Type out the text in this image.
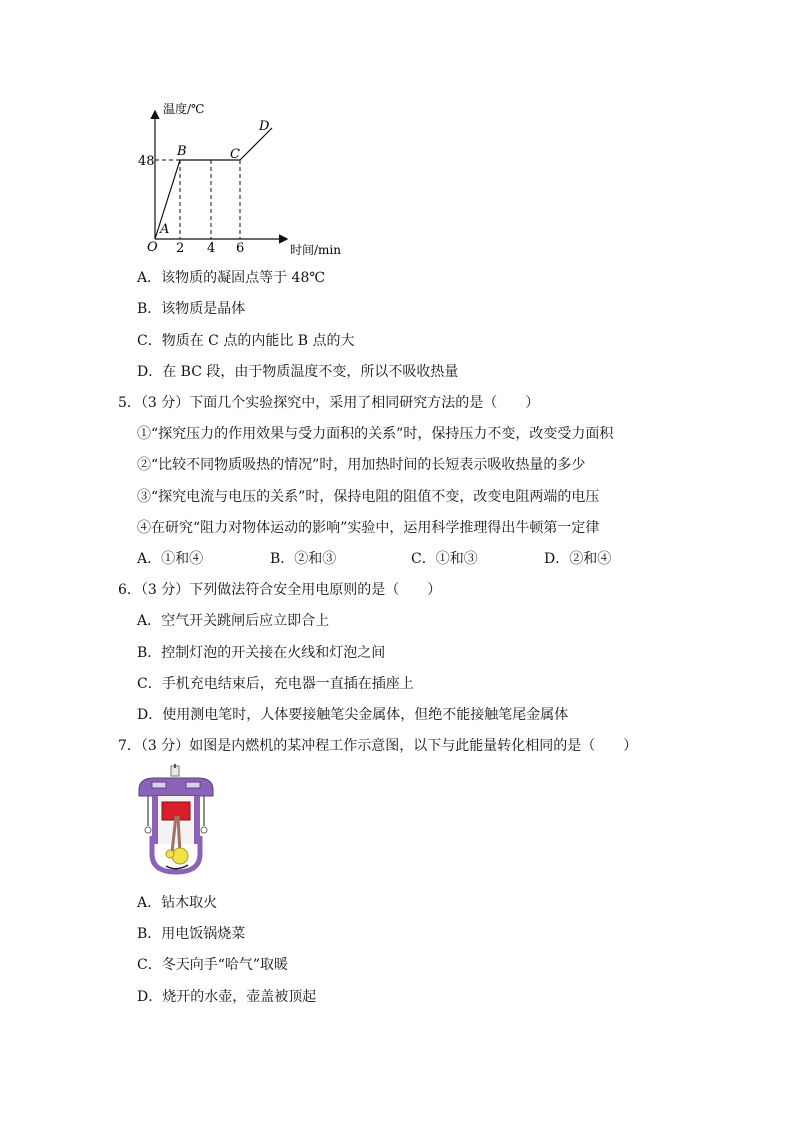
温度/℃
时间/min
48
O 2 4 6
A
B	C
D
A．该物质的凝固点等于 48℃
B．该物质是晶体
C．物质在 C 点的内能比 B 点的大
D．在 BC 段，由于物质温度不变，所以不吸收热量
5．（3 分）下面几个实验探究中，采用了相同研究方法的是（　　）
①“探究压力的作用效果与受力面积的关系”时，保持压力不变，改变受力面积
②“比较不同物质吸热的情况”时，用加热时间的长短表示吸收热量的多少
③“探究电流与电压的关系”时，保持电阻的阻值不变，改变电阻两端的电压
④在研究“阻力对物体运动的影响”实验中，运用科学推理得出牛顿第一定律
A．①和④	B．②和③	C．①和③	D．②和④
6．（3 分）下列做法符合安全用电原则的是（　　）
A．空气开关跳闸后应立即合上
B．控制灯泡的开关接在火线和灯泡之间
C．手机充电结束后，充电器一直插在插座上
D．使用测电笔时，人体要接触笔尖金属体，但绝不能接触笔尾金属体
7．（3 分）如图是内燃机的某冲程工作示意图，以下与此能量转化相同的是（　　）
A．钻木取火
B．用电饭锅烧菜
C．冬天向手“哈气”取暖
D．烧开的水壶，壶盖被顶起
